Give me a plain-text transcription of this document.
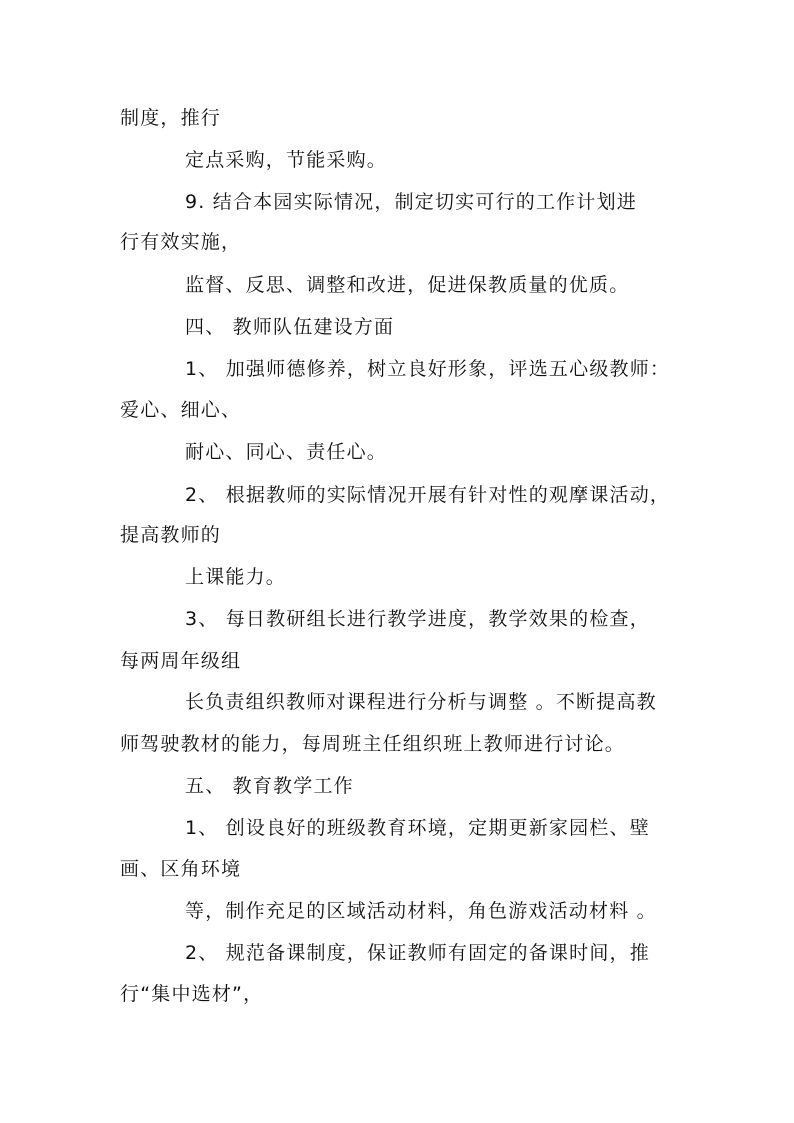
制度，推行
定点采购，节能采购。
9. 结合本园实际情况，制定切实可行的工作计划进
行有效实施，
监督、反思、调整和改进，促进保教质量的优质。
四、 教师队伍建设方面
1、 加强师德修养，树立良好形象，评选五心级教师：
爱心、细心、
耐心、同心、责任心。
2、 根据教师的实际情况开展有针对性的观摩课活动，
提高教师的
上课能力。
3、 每日教研组长进行教学进度，教学效果的检查，
每两周年级组
长负责组织教师对课程进行分析与调整 。不断提高教
师驾驶教材的能力，每周班主任组织班上教师进行讨论。
五、 教育教学工作
1、 创设良好的班级教育环境，定期更新家园栏、壁
画、区角环境
等，制作充足的区域活动材料，角色游戏活动材料 。
2、 规范备课制度，保证教师有固定的备课时间，推
行“集中选材”，
